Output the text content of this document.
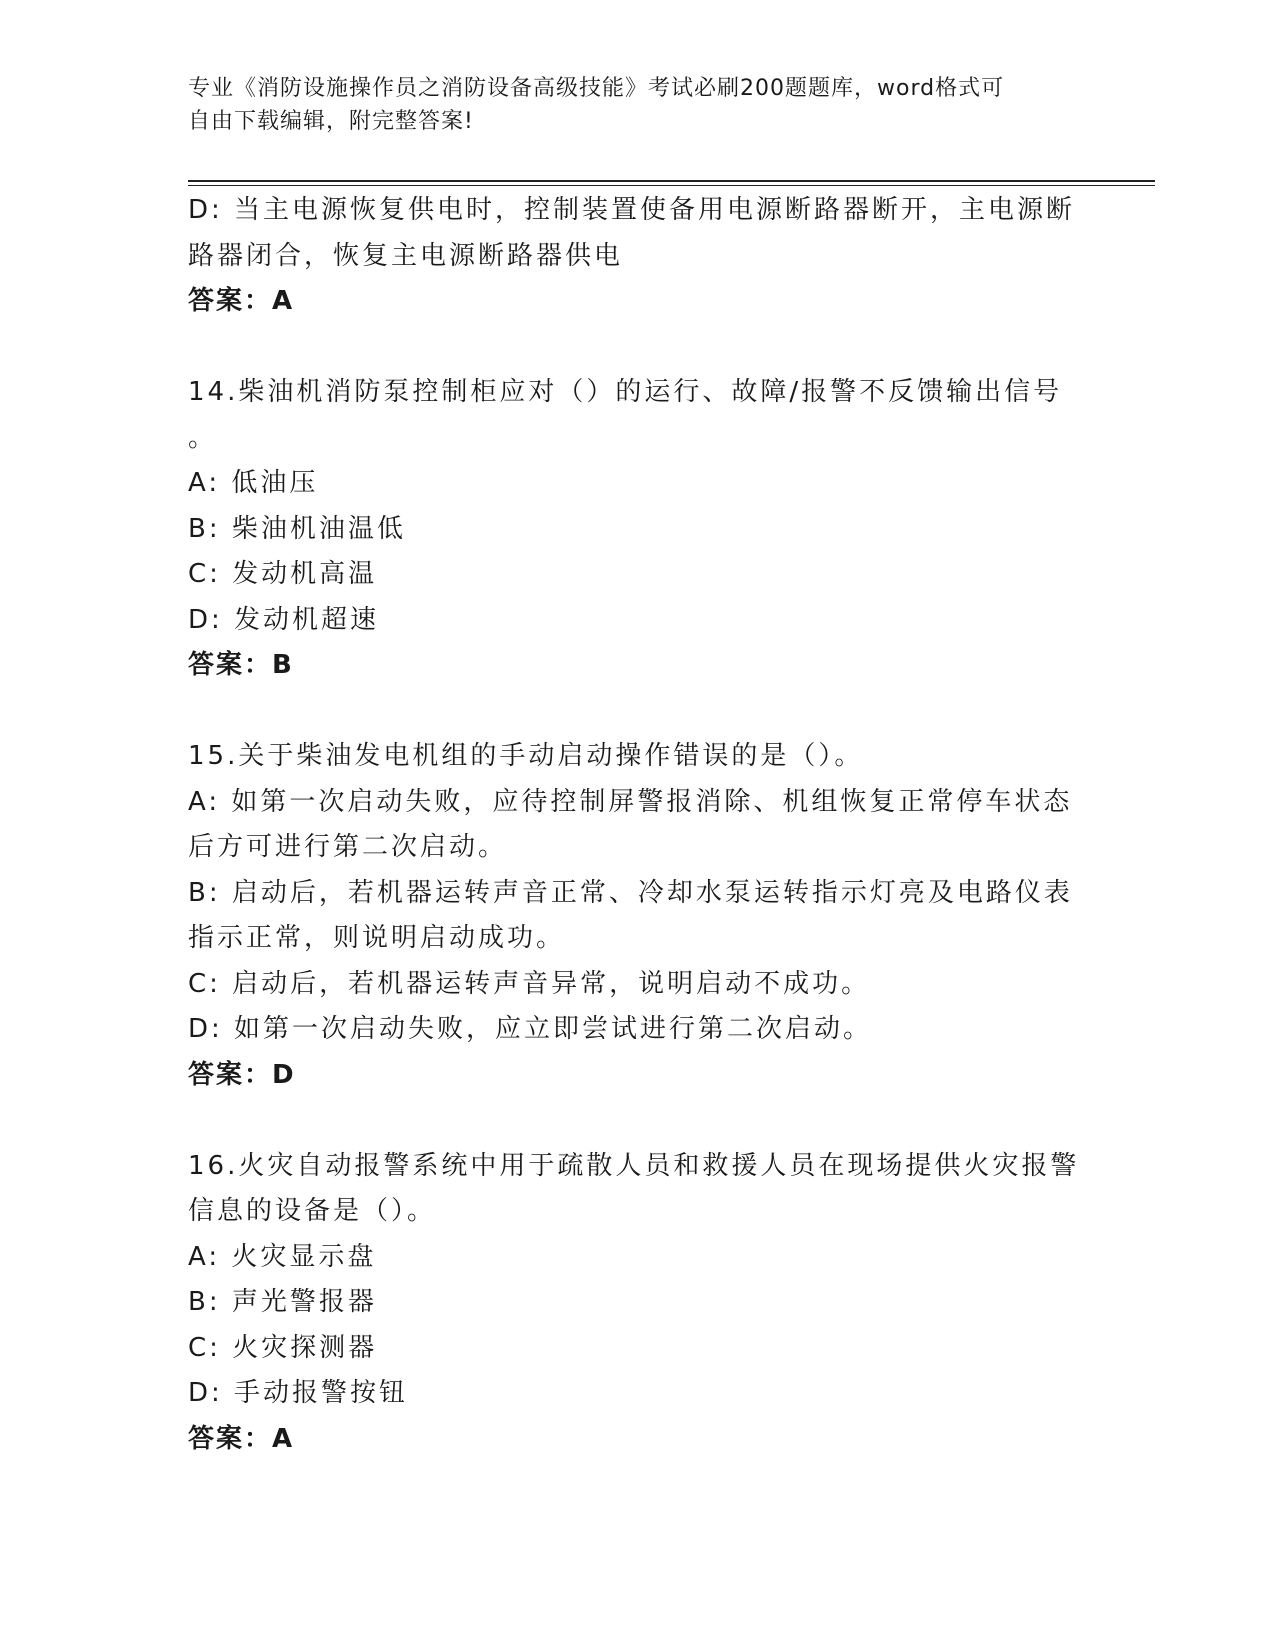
专业《消防设施操作员之消防设备高级技能》考试必刷200题题库，word格式可
自由下载编辑，附完整答案!
D: 当主电源恢复供电时，控制装置使备用电源断路器断开，主电源断
路器闭合，恢复主电源断路器供电
答案：A
14.柴油机消防泵控制柜应对（）的运行、故障/报警不反馈输出信号
。
A: 低油压
B: 柴油机油温低
C: 发动机高温
D: 发动机超速
答案：B
15.关于柴油发电机组的手动启动操作错误的是（）。
A: 如第一次启动失败，应待控制屏警报消除、机组恢复正常停车状态
后方可进行第二次启动。
B: 启动后，若机器运转声音正常、冷却水泵运转指示灯亮及电路仪表
指示正常，则说明启动成功。
C: 启动后，若机器运转声音异常，说明启动不成功。
D: 如第一次启动失败，应立即尝试进行第二次启动。
答案：D
16.火灾自动报警系统中用于疏散人员和救援人员在现场提供火灾报警
信息的设备是（）。
A: 火灾显示盘
B: 声光警报器
C: 火灾探测器
D: 手动报警按钮
答案：A
